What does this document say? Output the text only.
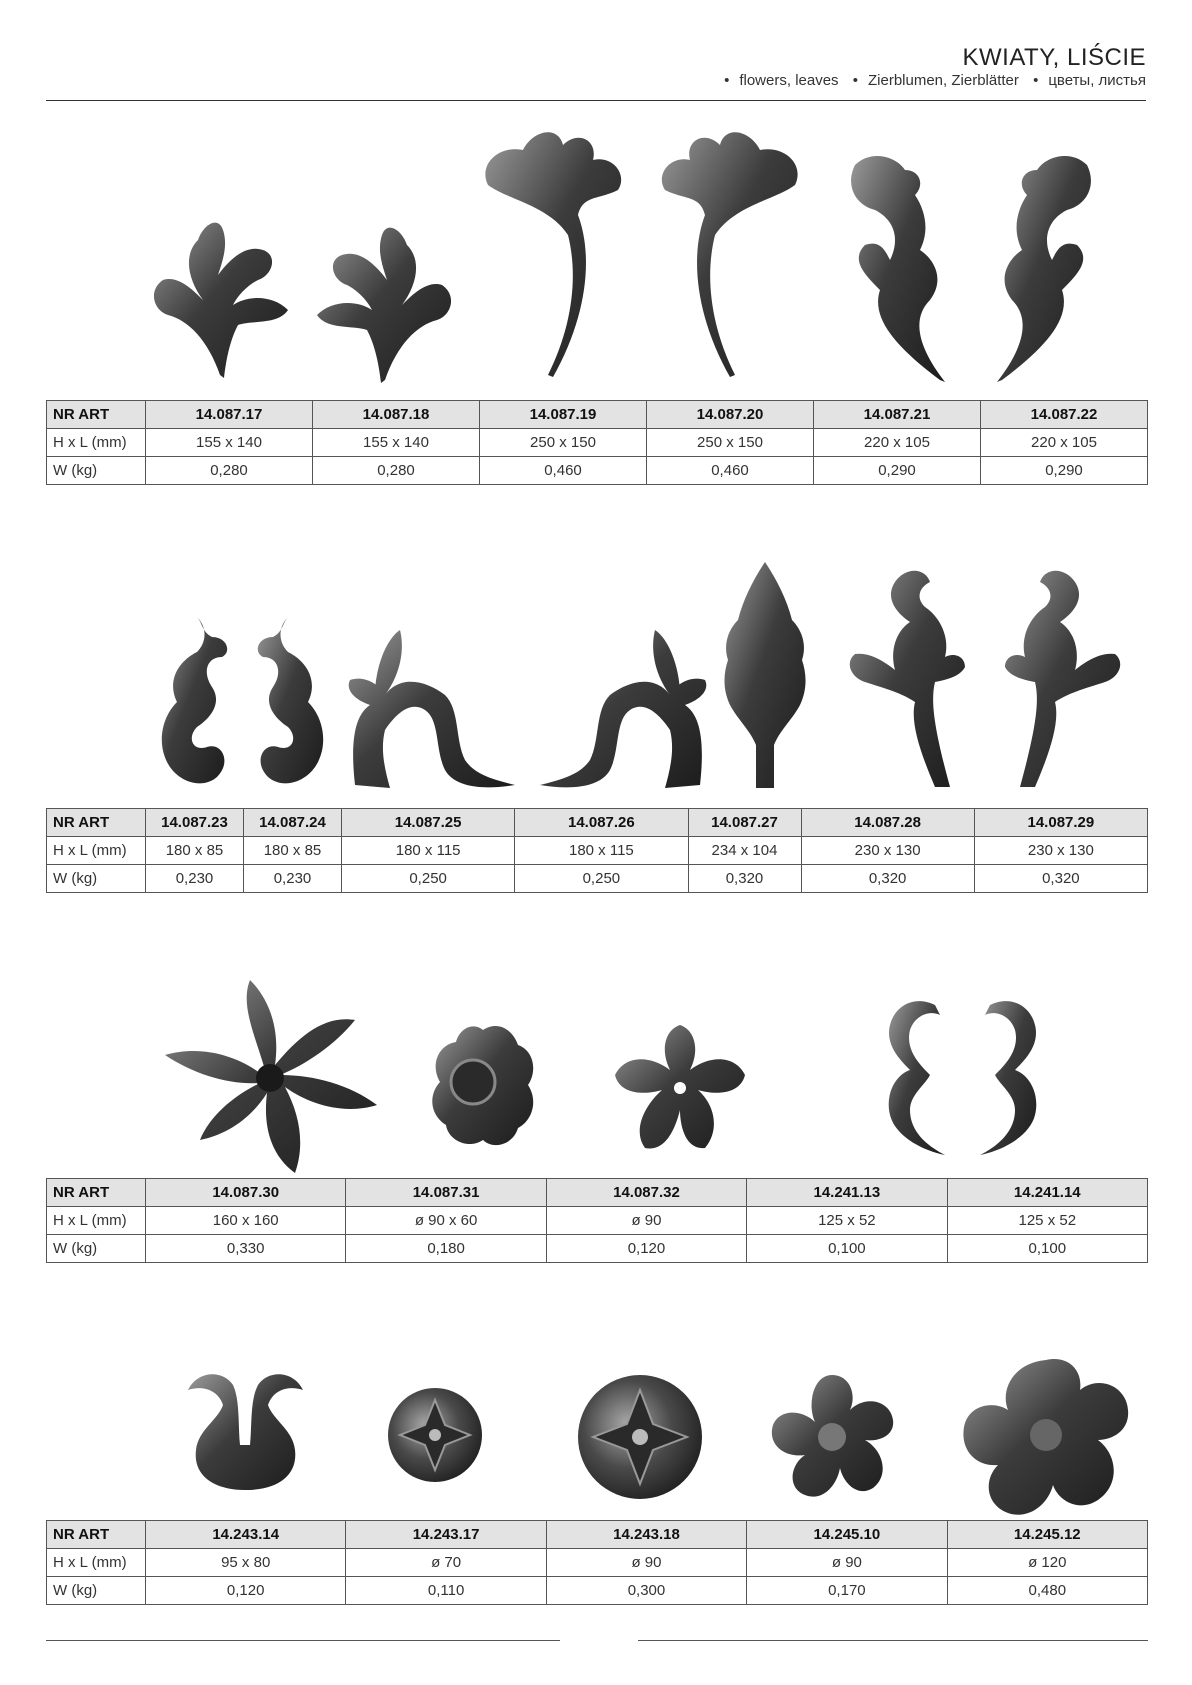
KWIATY, LIŚCIE
• flowers, leaves • Zierblumen, Zierblätter • цветы, листья
NR ART	14.087.17	14.087.18	14.087.19	14.087.20	14.087.21	14.087.22
H x L (mm)	155 x 140	155 x 140	250 x 150	250 x 150	220 x 105	220 x 105
W (kg)	0,280	0,280	0,460	0,460	0,290	0,290
NR ART	14.087.23	14.087.24	14.087.25	14.087.26	14.087.27	14.087.28	14.087.29
H x L (mm)	180 x 85	180 x 85	180 x 115	180 x 115	234 x 104	230 x 130	230 x 130
W (kg)	0,230	0,230	0,250	0,250	0,320	0,320	0,320
NR ART	14.087.30	14.087.31	14.087.32	14.241.13	14.241.14
H x L (mm)	160 x 160	ø 90 x 60	ø 90	125 x 52	125 x 52
W (kg)	0,330	0,180	0,120	0,100	0,100
NR ART	14.243.14	14.243.17	14.243.18	14.245.10	14.245.12
H x L (mm)	95 x 80	ø 70	ø 90	ø 90	ø 120
W (kg)	0,120	0,110	0,300	0,170	0,480
